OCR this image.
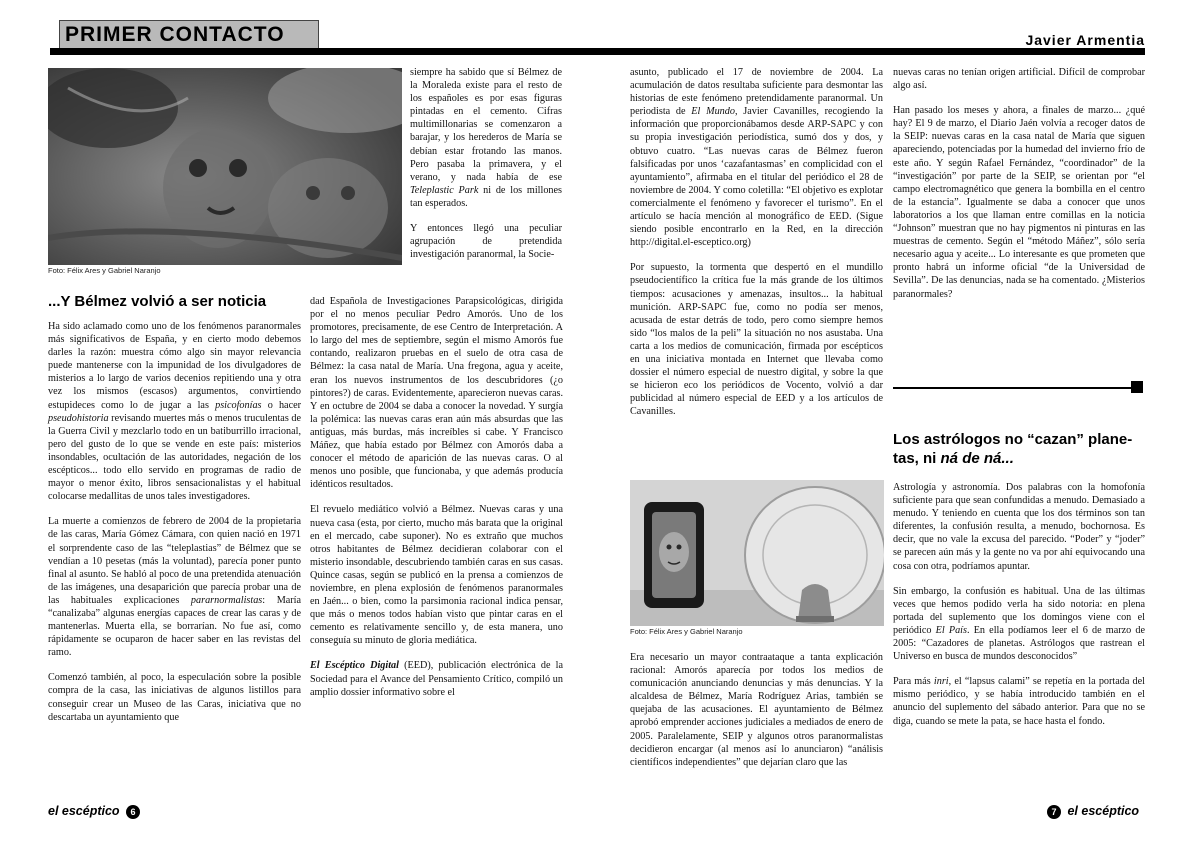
PRIMER CONTACTO	Javier Armentia
Foto: Félix Ares y Gabriel Naranjo
...Y Bélmez volvió a ser noticia

Ha sido aclamado como uno de los fenómenos paranormales más significativos de España, y en cierto modo debemos darles la razón: muestra cómo algo sin mayor relevancia puede mantenerse con la impunidad de los divulgadores de misterios a lo largo de varios decenios repitiendo una y otra vez los mismos (escasos) argumentos, convirtiendo estupideces como lo de jugar a las psicofonías o hacer pseudohistoria revisando muertes más o menos truculentas de la Guerra Civil y mezclarlo todo en un batiburrillo irracional, pero del gusto de lo que se vende en este país: misterios insondables, ocultación de las autoridades, negación de los escépticos... todo ello servido en programas de radio de mayor o menor éxito, libros sensacionalistas y el habitual colocarse medallitas de unos tales investigadores.

La muerte a comienzos de febrero de 2004 de la propietaria de las caras, María Gómez Cámara, con quien nació en 1971 el sorprendente caso de las “teleplastias” de Bélmez que se vendían a 10 pesetas (más la voluntad), parecía poner punto final al asunto. Se habló al poco de una pretendida atenuación de las imágenes, una desaparición que parecía probar una de las habituales explicaciones pararnormalistas: María “canalizaba” algunas energías capaces de crear las caras y de mantenerlas. Muerta ella, se borrarían. No fue así, como rápidamente se ocuparon de hacer saber en las revistas del ramo.

Comenzó también, al poco, la especulación sobre la posible compra de la casa, las iniciativas de algunos listillos para conseguir crear un Museo de las Caras, iniciativa que no descartaba un ayuntamiento que

siempre ha sabido que sí Bélmez de la Moraleda existe para el resto de los españoles es por esas figuras pintadas en el cemento. Cifras multimillonarias se comenzaron a barajar, y los herederos de María se debían estar frotando las manos. Pero pasaba la primavera, y el verano, y nada había de ese Teleplastic Park ni de los millones tan esperados.

Y entonces llegó una peculiar agrupación de pretendida investigación paranormal, la Socie-

dad Española de Investigaciones Parapsicológicas, dirigida por el no menos peculiar Pedro Amorós. Uno de los promotores, precisamente, de ese Centro de Interpretación. A lo largo del mes de septiembre, según el mismo Amorós fue contando, realizaron pruebas en el suelo de otra casa de Bélmez: la casa natal de María. Una fregona, agua y aceite, eran los nuevos instrumentos de los descubridores (¿o pintores?) de caras. Evidentemente, aparecieron nuevas caras. Y en octubre de 2004 se daba a conocer la novedad. Y surgía la polémica: las nuevas caras eran aún más absurdas que las antiguas, más burdas, más increíbles si cabe. Y Francisco Máñez, que había estado por Bélmez con Amorós daba a conocer el método de aparición de las nuevas caras. O al menos uno posible, que funcionaba, y que además producía idénticos resultados.

El revuelo mediático volvió a Bélmez. Nuevas caras y una nueva casa (esta, por cierto, mucho más barata que la original en el mercado, cabe suponer). No es extraño que muchos otros habitantes de Bélmez decidieran colaborar con el misterio insondable, descubriendo también caras en sus casas. Quince casas, según se publicó en la prensa a comienzos de noviembre, en plena explosión de fenómenos paranormales en Jaén... o bien, como la parsimonia racional indica pensar, que más o menos todos habían visto que pintar caras en el cemento es relativamente sencillo y, de esta manera, uno conseguía su minuto de gloria mediática.

El Escéptico Digital (EED), publicación electrónica de la Sociedad para el Avance del Pensamiento Crítico, compiló un amplio dossier informativo sobre el

asunto, publicado el 17 de noviembre de 2004. La acumulación de datos resultaba suficiente para desmontar las historias de este fenómeno pretendidamente paranormal. Un periodista de El Mundo, Javier Cavanilles, recogiendo la información que proporcionábamos desde ARP-SAPC y con su propia investigación periodística, sumó dos y dos, y obtuvo cuatro. “Las nuevas caras de Bélmez fueron falsificadas por unos ‘cazafantasmas’ en complicidad con el ayuntamiento”, afirmaba en el titular del periódico el 28 de noviembre de 2004. Y como coletilla: “El objetivo es explotar comercialmente el fenómeno y favorecer el turismo”. En el artículo se hacía mención al monográfico de EED. (Sigue siendo posible encontrarlo en la Red, en la dirección http://digital.el-esceptico.org)

Por supuesto, la tormenta que despertó en el mundillo pseudocientífico la crítica fue la más grande de los últimos tiempos: acusaciones y amenazas, insultos... la habitual munición. ARP-SAPC fue, como no podía ser menos, acusada de estar detrás de todo, pero como siempre hemos sido “los malos de la peli” la situación no nos asustaba. Una carta a los medios de comunicación, firmada por escépticos en una iniciativa montada en Internet que llevaba como dossier el número especial de nuestro digital, y sobre la que se hicieron eco los periódicos de Vocento, volvió a dar publicidad al número especial de EED y a los artículos de Cavanilles.

Foto: Félix Ares y Gabriel Naranjo

Era necesario un mayor contraataque a tanta explicación racional: Amorós aparecía por todos los medios de comunicación anunciando denuncias y más denuncias. Y la alcaldesa de Bélmez, María Rodríguez Arias, también se quejaba de las acusaciones. El ayuntamiento de Bélmez aprobó emprender acciones judiciales a mediados de enero de 2005. Paralelamente, SEIP y algunos otros paranormalistas decidieron encargar (al menos así lo anunciaron) “análisis científicos independientes” que dejarían claro que las

nuevas caras no tenían origen artificial. Difícil de comprobar algo así.

Han pasado los meses y ahora, a finales de marzo... ¿qué hay? El 9 de marzo, el Diario Jaén volvía a recoger datos de la SEIP: nuevas caras en la casa natal de María que siguen apareciendo, potenciadas por la humedad del invierno frío de este año. Y según Rafael Fernández, “coordinador” de la “investigación” por parte de la SEIP, se orientan por “el campo electromagnético que genera la bombilla en el centro de la estancia”. Igualmente se daba a conocer que unos laboratorios a los que llaman entre comillas en la noticia “Johnson” muestran que no hay pigmentos ni pinturas en las muestras de cemento. Según el “método Máñez”, sólo sería necesario agua y aceite... Lo interesante es que prometen que pronto habrá un informe oficial “de la Universidad de Sevilla”. De las denuncias, nada se ha comentado. ¿Misterios paranormales?

Los astrólogos no “cazan” plane-
tas, ni ná de ná...

Astrología y astronomía. Dos palabras con la homofonía suficiente para que sean confundidas a menudo. Demasiado a menudo. Y teniendo en cuenta que los dos términos son tan diferentes, la confusión resulta, a menudo, bochornosa. Es decir, que no vale la excusa del parecido. “Poder” y “joder” se parecen aún más y la gente no va por ahí equivocando una cosa con otra, podríamos apuntar.

Sin embargo, la confusión es habitual. Una de las últimas veces que hemos podido verla ha sido notoria: en plena portada del suplemento que los domingos viene con el periódico El País. En ella podíamos leer el 6 de marzo de 2005: “Cazadores de planetas. Astrólogos que rastrean el Universo en busca de mundos desconocidos”

Para más inri, el “lapsus calami” se repetía en la portada del mismo periódico, y se había introducido también en el anuncio del suplemento del sábado anterior. Para que no se diga, cuando se mete la pata, se hace hasta el fondo.

el escéptico 6	7 el escéptico
